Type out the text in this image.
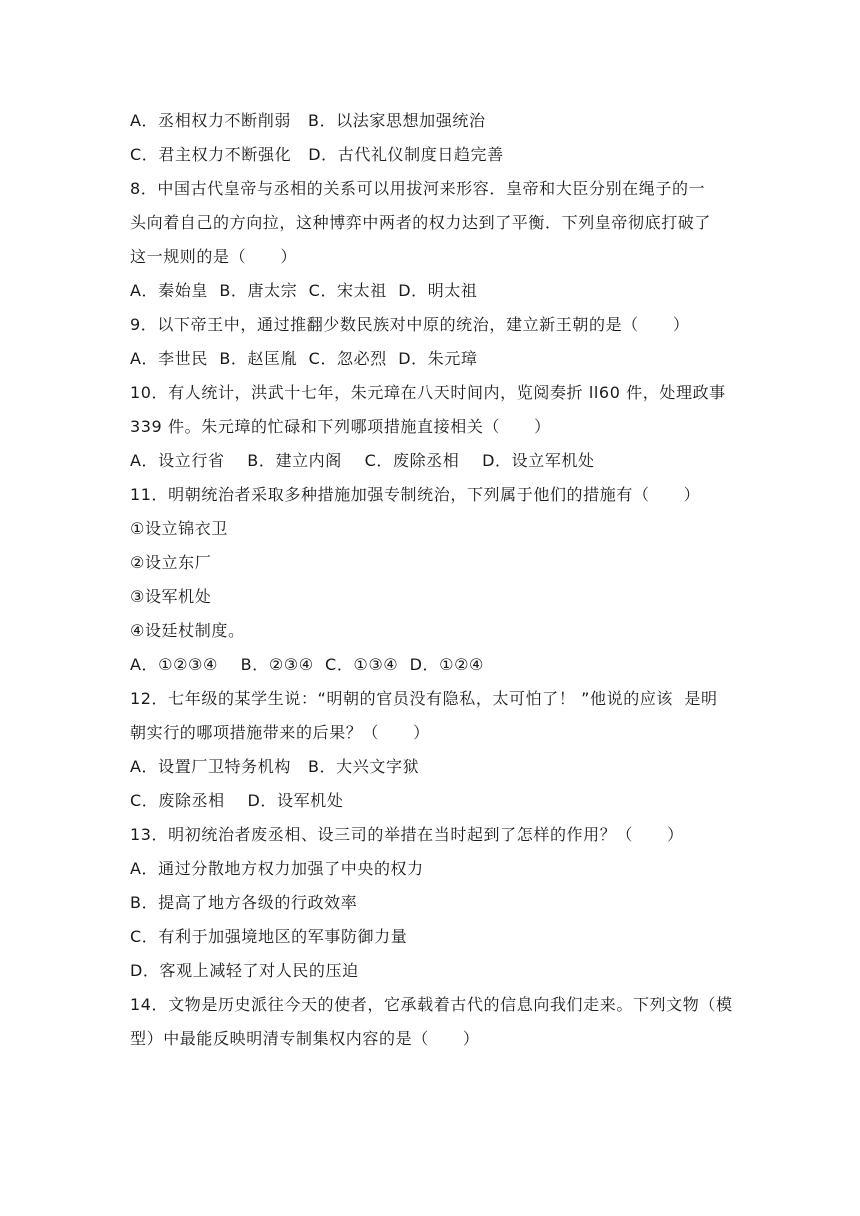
A．丞相权力不断削弱   B．以法家思想加强统治
C．君主权力不断强化   D．古代礼仪制度日趋完善
8．中国古代皇帝与丞相的关系可以用拔河来形容．皇帝和大臣分别在绳子的一
头向着自己的方向拉，这种博弈中两者的权力达到了平衡．下列皇帝彻底打破了
这一规则的是（      ）
A．秦始皇  B．唐太宗  C．宋太祖  D．明太祖
9．以下帝王中，通过推翻少数民族对中原的统治，建立新王朝的是（      ）
A．李世民  B．赵匡胤  C．忽必烈  D．朱元璋
10．有人统计，洪武十七年，朱元璋在八天时间内，览阅奏折 ll60 件，处理政事
339 件。朱元璋的忙碌和下列哪项措施直接相关（      ）
A．设立行省    B．建立内阁    C．废除丞相    D．设立军机处
11．明朝统治者采取多种措施加强专制统治，下列属于他们的措施有（      ）
①设立锦衣卫
②设立东厂
③设军机处
④设廷杖制度。
A．①②③④    B．②③④  C．①③④  D．①②④
12．七年级的某学生说：“明朝的官员没有隐私，太可怕了！ ”他说的应该  是明
朝实行的哪项措施带来的后果？（      ）
A．设置厂卫特务机构   B．大兴文字狱
C．废除丞相    D．设军机处
13．明初统治者废丞相、设三司的举措在当时起到了怎样的作用？（      ）
A．通过分散地方权力加强了中央的权力
B．提高了地方各级的行政效率
C．有利于加强境地区的军事防御力量
D．客观上减轻了对人民的压迫
14．文物是历史派往今天的使者，它承载着古代的信息向我们走来。下列文物（模
型）中最能反映明清专制集权内容的是（      ）
